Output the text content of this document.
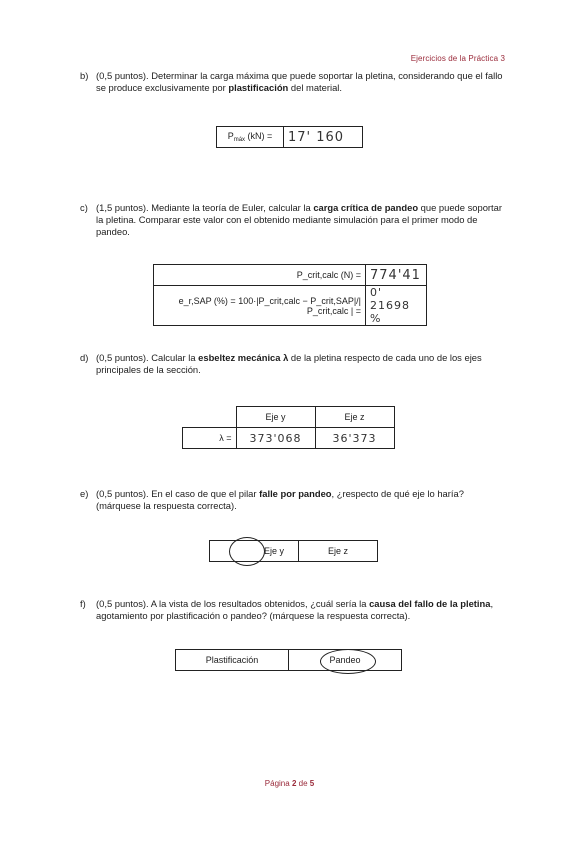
Ejercicios de la Práctica 3
b) (0,5 puntos). Determinar la carga máxima que puede soportar la pletina, considerando que el fallo se produce exclusivamente por plastificación del material.
$P_{máx}$ (kN) =	17' 160
c) (1,5 puntos). Mediante la teoría de Euler, calcular la carga crítica de pandeo que puede soportar la pletina. Comparar este valor con el obtenido mediante simulación para el primer modo de pandeo.
P_crit,calc (N) =	774'41
e_r,SAP (%) = 100·|P_crit,calc − P_crit,SAP|/| P_crit,calc | =	0' 21698 %
d) (0,5 puntos). Calcular la esbeltez mecánica λ de la pletina respecto de cada uno de los ejes principales de la sección.
	Eje y	Eje z
λ =	373'068	36'373
e) (0,5 puntos). En el caso de que el pilar falle por pandeo, ¿respecto de qué eje lo haría? (márquese la respuesta correcta).
Eje y	Eje z
f) (0,5 puntos). A la vista de los resultados obtenidos, ¿cuál sería la causa del fallo de la pletina, agotamiento por plastificación o pandeo? (márquese la respuesta correcta).
Plastificación	Pandeo
Página 2 de 5
